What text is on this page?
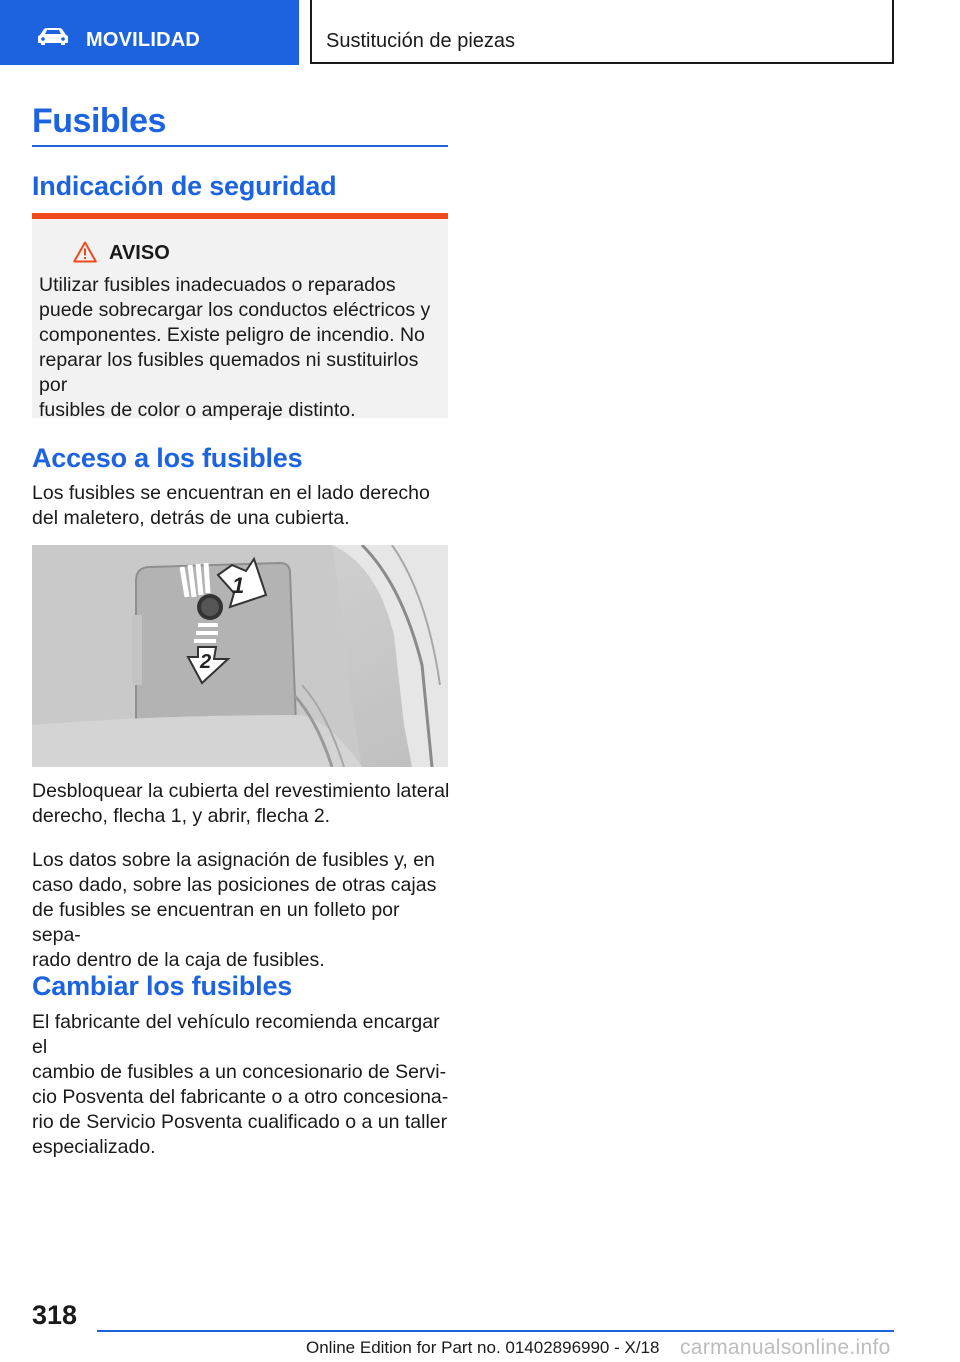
MOVILIDAD	Sustitución de piezas
Fusibles
Indicación de seguridad
AVISO
Utilizar fusibles inadecuados o reparados
puede sobrecargar los conductos eléctricos y
componentes. Existe peligro de incendio. No
reparar los fusibles quemados ni sustituirlos por
fusibles de color o amperaje distinto.
Acceso a los fusibles
Los fusibles se encuentran en el lado derecho
del maletero, detrás de una cubierta.
1
2
Desbloquear la cubierta del revestimiento lateral
derecho, flecha 1, y abrir, flecha 2.
Los datos sobre la asignación de fusibles y, en
caso dado, sobre las posiciones de otras cajas
de fusibles se encuentran en un folleto por sepa-
rado dentro de la caja de fusibles.
Cambiar los fusibles
El fabricante del vehículo recomienda encargar el
cambio de fusibles a un concesionario de Servi-
cio Posventa del fabricante o a otro concesiona-
rio de Servicio Posventa cualificado o a un taller
especializado.
318
Online Edition for Part no. 01402896990 - X/18 carmanualsonline.info
